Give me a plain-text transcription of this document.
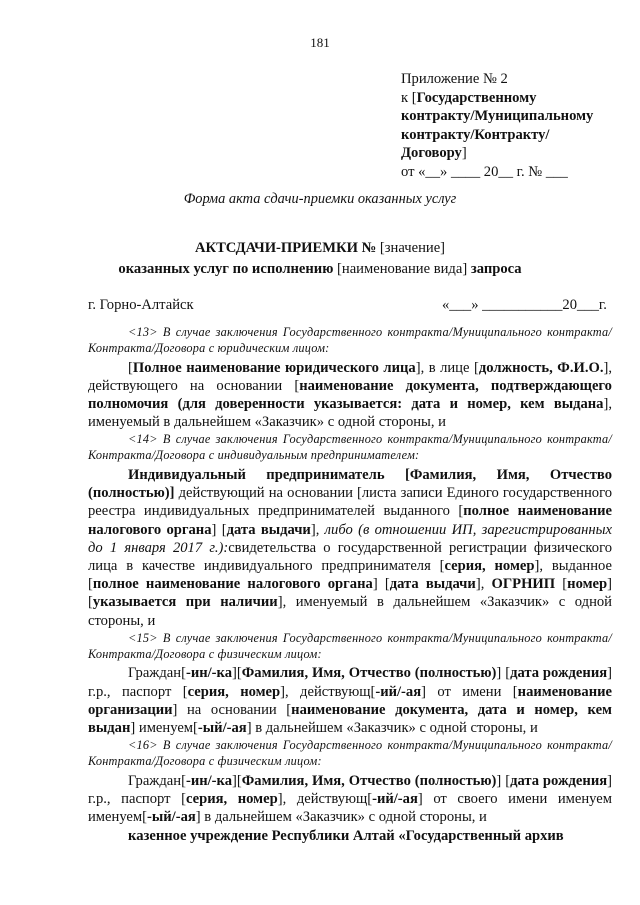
181
Приложение № 2
к [Государственному
контракту/Муниципальному
контракту/Контракту/
Договору]
от «__» ____ 20__ г. № ___
Форма акта сдачи-приемки оказанных услуг
АКТСДАЧИ-ПРИЕМКИ № [значение]
оказанных услуг по исполнению [наименование вида] запроса
г. Горно-Алтайск	«___» ___________20___г.

<13> В случае заключения Государственного контракта/Муниципального контракта/Контракта/Договора с юридическим лицом:

[Полное наименование юридического лица], в лице [должность, Ф.И.О.], действующего на основании [наименование документа, подтверждающего полномочия (для доверенности указывается: дата и номер, кем выдана], именуемый в дальнейшем «Заказчик» с одной стороны, и

<14> В случае заключения Государственного контракта/Муниципального контракта/Контракта/Договора с индивидуальным предпринимателем:

Индивидуальный предприниматель [Фамилия, Имя, Отчество (полностью)] действующий на основании [листа записи Единого государственного реестра индивидуальных предпринимателей выданного [полное наименование налогового органа] [дата выдачи], либо (в отношении ИП, зарегистрированных до 1 января 2017 г.):свидетельства о государственной регистрации физического лица в качестве индивидуального предпринимателя [серия, номер], выданное [полное наименование налогового органа] [дата выдачи], ОГРНИП [номер] [указывается при наличии], именуемый в дальнейшем «Заказчик» с одной стороны, и

<15> В случае заключения Государственного контракта/Муниципального контракта/Контракта/Договора с физическим лицом:

Граждан[-ин/-ка][Фамилия, Имя, Отчество (полностью)] [дата рождения] г.р., паспорт [серия, номер], действующ[-ий/-ая] от имени [наименование организации] на основании [наименование документа, дата и номер, кем выдан] именуем[-ый/-ая] в дальнейшем «Заказчик» с одной стороны, и

<16> В случае заключения Государственного контракта/Муниципального контракта/Контракта/Договора с физическим лицом:

Граждан[-ин/-ка][Фамилия, Имя, Отчество (полностью)] [дата рождения] г.р., паспорт [серия, номер], действующ[-ий/-ая] от своего имени именуем именуем[-ый/-ая] в дальнейшем «Заказчик» с одной стороны, и

казенное учреждение Республики Алтай «Государственный архив
